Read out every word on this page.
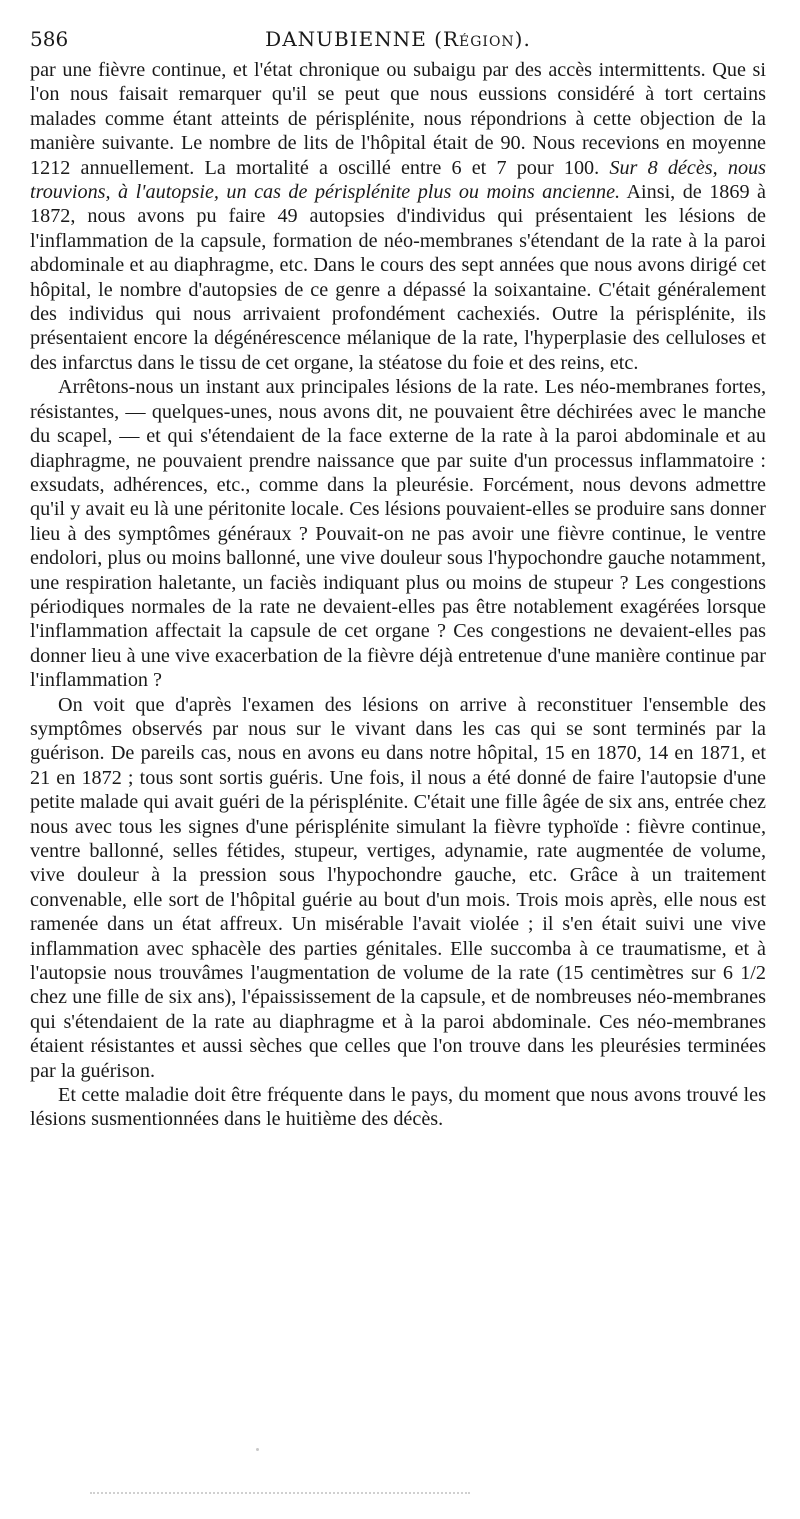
586	DANUBIENNE (Région).

par une fièvre continue, et l'état chronique ou subaigu par des accès intermittents. Que si l'on nous faisait remarquer qu'il se peut que nous eussions considéré à tort certains malades comme étant atteints de périsplénite, nous répondrions à cette objection de la manière suivante. Le nombre de lits de l'hôpital était de 90. Nous recevions en moyenne 1212 annuellement. La mortalité a oscillé entre 6 et 7 pour 100. Sur 8 décès, nous trouvions, à l'autopsie, un cas de périsplénite plus ou moins ancienne. Ainsi, de 1869 à 1872, nous avons pu faire 49 autopsies d'individus qui présentaient les lésions de l'inflammation de la capsule, formation de néo-membranes s'étendant de la rate à la paroi abdominale et au diaphragme, etc. Dans le cours des sept années que nous avons dirigé cet hôpital, le nombre d'autopsies de ce genre a dépassé la soixantaine. C'était généralement des individus qui nous arrivaient profondément cachexiés. Outre la périsplénite, ils présentaient encore la dégénérescence mélanique de la rate, l'hyperplasie des celluloses et des infarctus dans le tissu de cet organe, la stéatose du foie et des reins, etc.

Arrêtons-nous un instant aux principales lésions de la rate. Les néo-membranes fortes, résistantes, — quelques-unes, nous avons dit, ne pouvaient être déchirées avec le manche du scapel, — et qui s'étendaient de la face externe de la rate à la paroi abdominale et au diaphragme, ne pouvaient prendre naissance que par suite d'un processus inflammatoire : exsudats, adhérences, etc., comme dans la pleurésie. Forcément, nous devons admettre qu'il y avait eu là une péritonite locale. Ces lésions pouvaient-elles se produire sans donner lieu à des symptômes généraux ? Pouvait-on ne pas avoir une fièvre continue, le ventre endolori, plus ou moins ballonné, une vive douleur sous l'hypochondre gauche notamment, une respiration haletante, un faciès indiquant plus ou moins de stupeur ? Les congestions périodiques normales de la rate ne devaient-elles pas être notablement exagérées lorsque l'inflammation affectait la capsule de cet organe ? Ces congestions ne devaient-elles pas donner lieu à une vive exacerbation de la fièvre déjà entretenue d'une manière continue par l'inflammation ?

On voit que d'après l'examen des lésions on arrive à reconstituer l'ensemble des symptômes observés par nous sur le vivant dans les cas qui se sont terminés par la guérison. De pareils cas, nous en avons eu dans notre hôpital, 15 en 1870, 14 en 1871, et 21 en 1872 ; tous sont sortis guéris. Une fois, il nous a été donné de faire l'autopsie d'une petite malade qui avait guéri de la périsplénite. C'était une fille âgée de six ans, entrée chez nous avec tous les signes d'une périsplénite simulant la fièvre typhoïde : fièvre continue, ventre ballonné, selles fétides, stupeur, vertiges, adynamie, rate augmentée de volume, vive douleur à la pression sous l'hypochondre gauche, etc. Grâce à un traitement convenable, elle sort de l'hôpital guérie au bout d'un mois. Trois mois après, elle nous est ramenée dans un état affreux. Un misérable l'avait violée ; il s'en était suivi une vive inflammation avec sphacèle des parties génitales. Elle succomba à ce traumatisme, et à l'autopsie nous trouvâmes l'augmentation de volume de la rate (15 centimètres sur 6 1/2 chez une fille de six ans), l'épaississement de la capsule, et de nombreuses néo-membranes qui s'étendaient de la rate au diaphragme et à la paroi abdominale. Ces néo-membranes étaient résistantes et aussi sèches que celles que l'on trouve dans les pleurésies terminées par la guérison.

Et cette maladie doit être fréquente dans le pays, du moment que nous avons trouvé les lésions susmentionnées dans le huitième des décès.
